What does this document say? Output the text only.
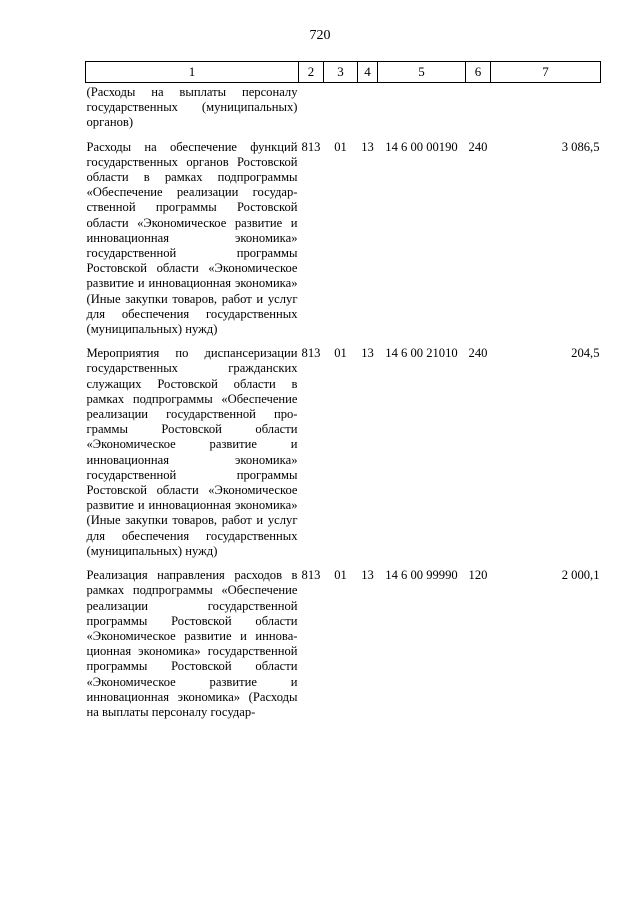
720
1	2	3	4	5	6	7
(Расходы на выплаты персоналу государственных (муниципальных) органов)						
Расходы на обеспечение функций государственных органов Ростовской области в рамках подпрограммы «Обеспечение реализации государственной программы Ростовской области «Экономическое развитие и инновационная экономика» государственной программы Ростовской области «Экономическое развитие и инновационная экономика» (Иные закупки товаров, работ и услуг для обеспечения государственных (муниципальных) нужд)	813	01	13	14 6 00 00190	240	3 086,5
Мероприятия по диспансеризации государственных гражданских служащих Ростовской области в рамках подпрограммы «Обеспечение реализации государственной программы Ростовской области «Экономическое развитие и инновационная экономика» государственной программы Ростовской области «Экономическое развитие и инновационная экономика» (Иные закупки товаров, работ и услуг для обеспечения государственных (муниципальных) нужд)	813	01	13	14 6 00 21010	240	204,5
Реализация направления расходов в рамках подпрограммы «Обеспечение реализации государственной программы Ростовской области «Экономическое развитие и инновационная экономика» государственной программы Ростовской области «Экономическое развитие и инновационная экономика» (Расходы на выплаты персоналу государ-	813	01	13	14 6 00 99990	120	2 000,1
